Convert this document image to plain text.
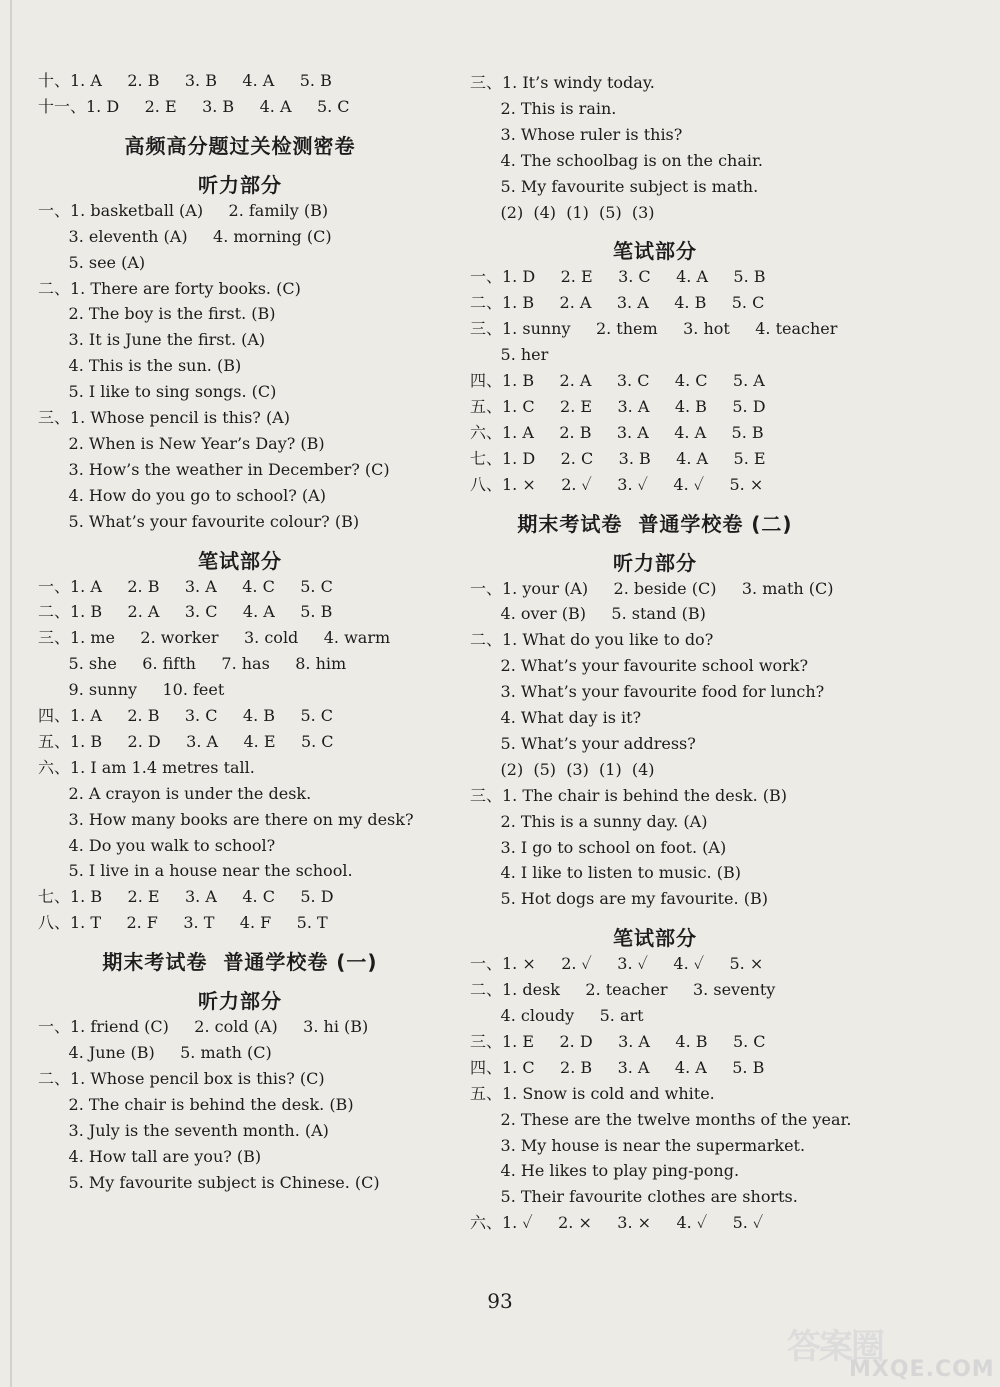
十、1. A     2. B     3. B     4. A     5. B
十一、1. D     2. E     3. B     4. A     5. C
高频高分题过关检测密卷
听力部分
一、1. basketball (A)     2. family (B)
3. eleventh (A)     4. morning (C)
5. see (A)
二、1. There are forty books. (C)
2. The boy is the first. (B)
3. It is June the first. (A)
4. This is the sun. (B)
5. I like to sing songs. (C)
三、1. Whose pencil is this? (A)
2. When is New Year’s Day? (B)
3. How’s the weather in December? (C)
4. How do you go to school? (A)
5. What’s your favourite colour? (B)
笔试部分
一、1. A     2. B     3. A     4. C     5. C
二、1. B     2. A     3. C     4. A     5. B
三、1. me     2. worker     3. cold     4. warm
5. she     6. fifth     7. has     8. him
9. sunny     10. feet
四、1. A     2. B     3. C     4. B     5. C
五、1. B     2. D     3. A     4. E     5. C
六、1. I am 1.4 metres tall.
2. A crayon is under the desk.
3. How many books are there on my desk?
4. Do you walk to school?
5. I live in a house near the school.
七、1. B     2. E     3. A     4. C     5. D
八、1. T     2. F     3. T     4. F     5. T
期末考试卷  普通学校卷 (一)
听力部分
一、1. friend (C)     2. cold (A)     3. hi (B)
4. June (B)     5. math (C)
二、1. Whose pencil box is this? (C)
2. The chair is behind the desk. (B)
3. July is the seventh month. (A)
4. How tall are you? (B)
5. My favourite subject is Chinese. (C)
三、1. It’s windy today.
2. This is rain.
3. Whose ruler is this?
4. The schoolbag is on the chair.
5. My favourite subject is math.
(2)  (4)  (1)  (5)  (3)
笔试部分
一、1. D     2. E     3. C     4. A     5. B
二、1. B     2. A     3. A     4. B     5. C
三、1. sunny     2. them     3. hot     4. teacher
5. her
四、1. B     2. A     3. C     4. C     5. A
五、1. C     2. E     3. A     4. B     5. D
六、1. A     2. B     3. A     4. A     5. B
七、1. D     2. C     3. B     4. A     5. E
八、1. ×     2. ✓     3. ✓     4. ✓     5. ×
期末考试卷  普通学校卷 (二)
听力部分
一、1. your (A)     2. beside (C)     3. math (C)
4. over (B)     5. stand (B)
二、1. What do you like to do?
2. What’s your favourite school work?
3. What’s your favourite food for lunch?
4. What day is it?
5. What’s your address?
(2)  (5)  (3)  (1)  (4)
三、1. The chair is behind the desk. (B)
2. This is a sunny day. (A)
3. I go to school on foot. (A)
4. I like to listen to music. (B)
5. Hot dogs are my favourite. (B)
笔试部分
一、1. ×     2. ✓     3. ✓     4. ✓     5. ×
二、1. desk     2. teacher     3. seventy
4. cloudy     5. art
三、1. E     2. D     3. A     4. B     5. C
四、1. C     2. B     3. A     4. A     5. B
五、1. Snow is cold and white.
2. These are the twelve months of the year.
3. My house is near the supermarket.
4. He likes to play ping-pong.
5. Their favourite clothes are shorts.
六、1. ✓     2. ×     3. ×     4. ✓     5. ✓
93
答案圈
MXQE.COM
